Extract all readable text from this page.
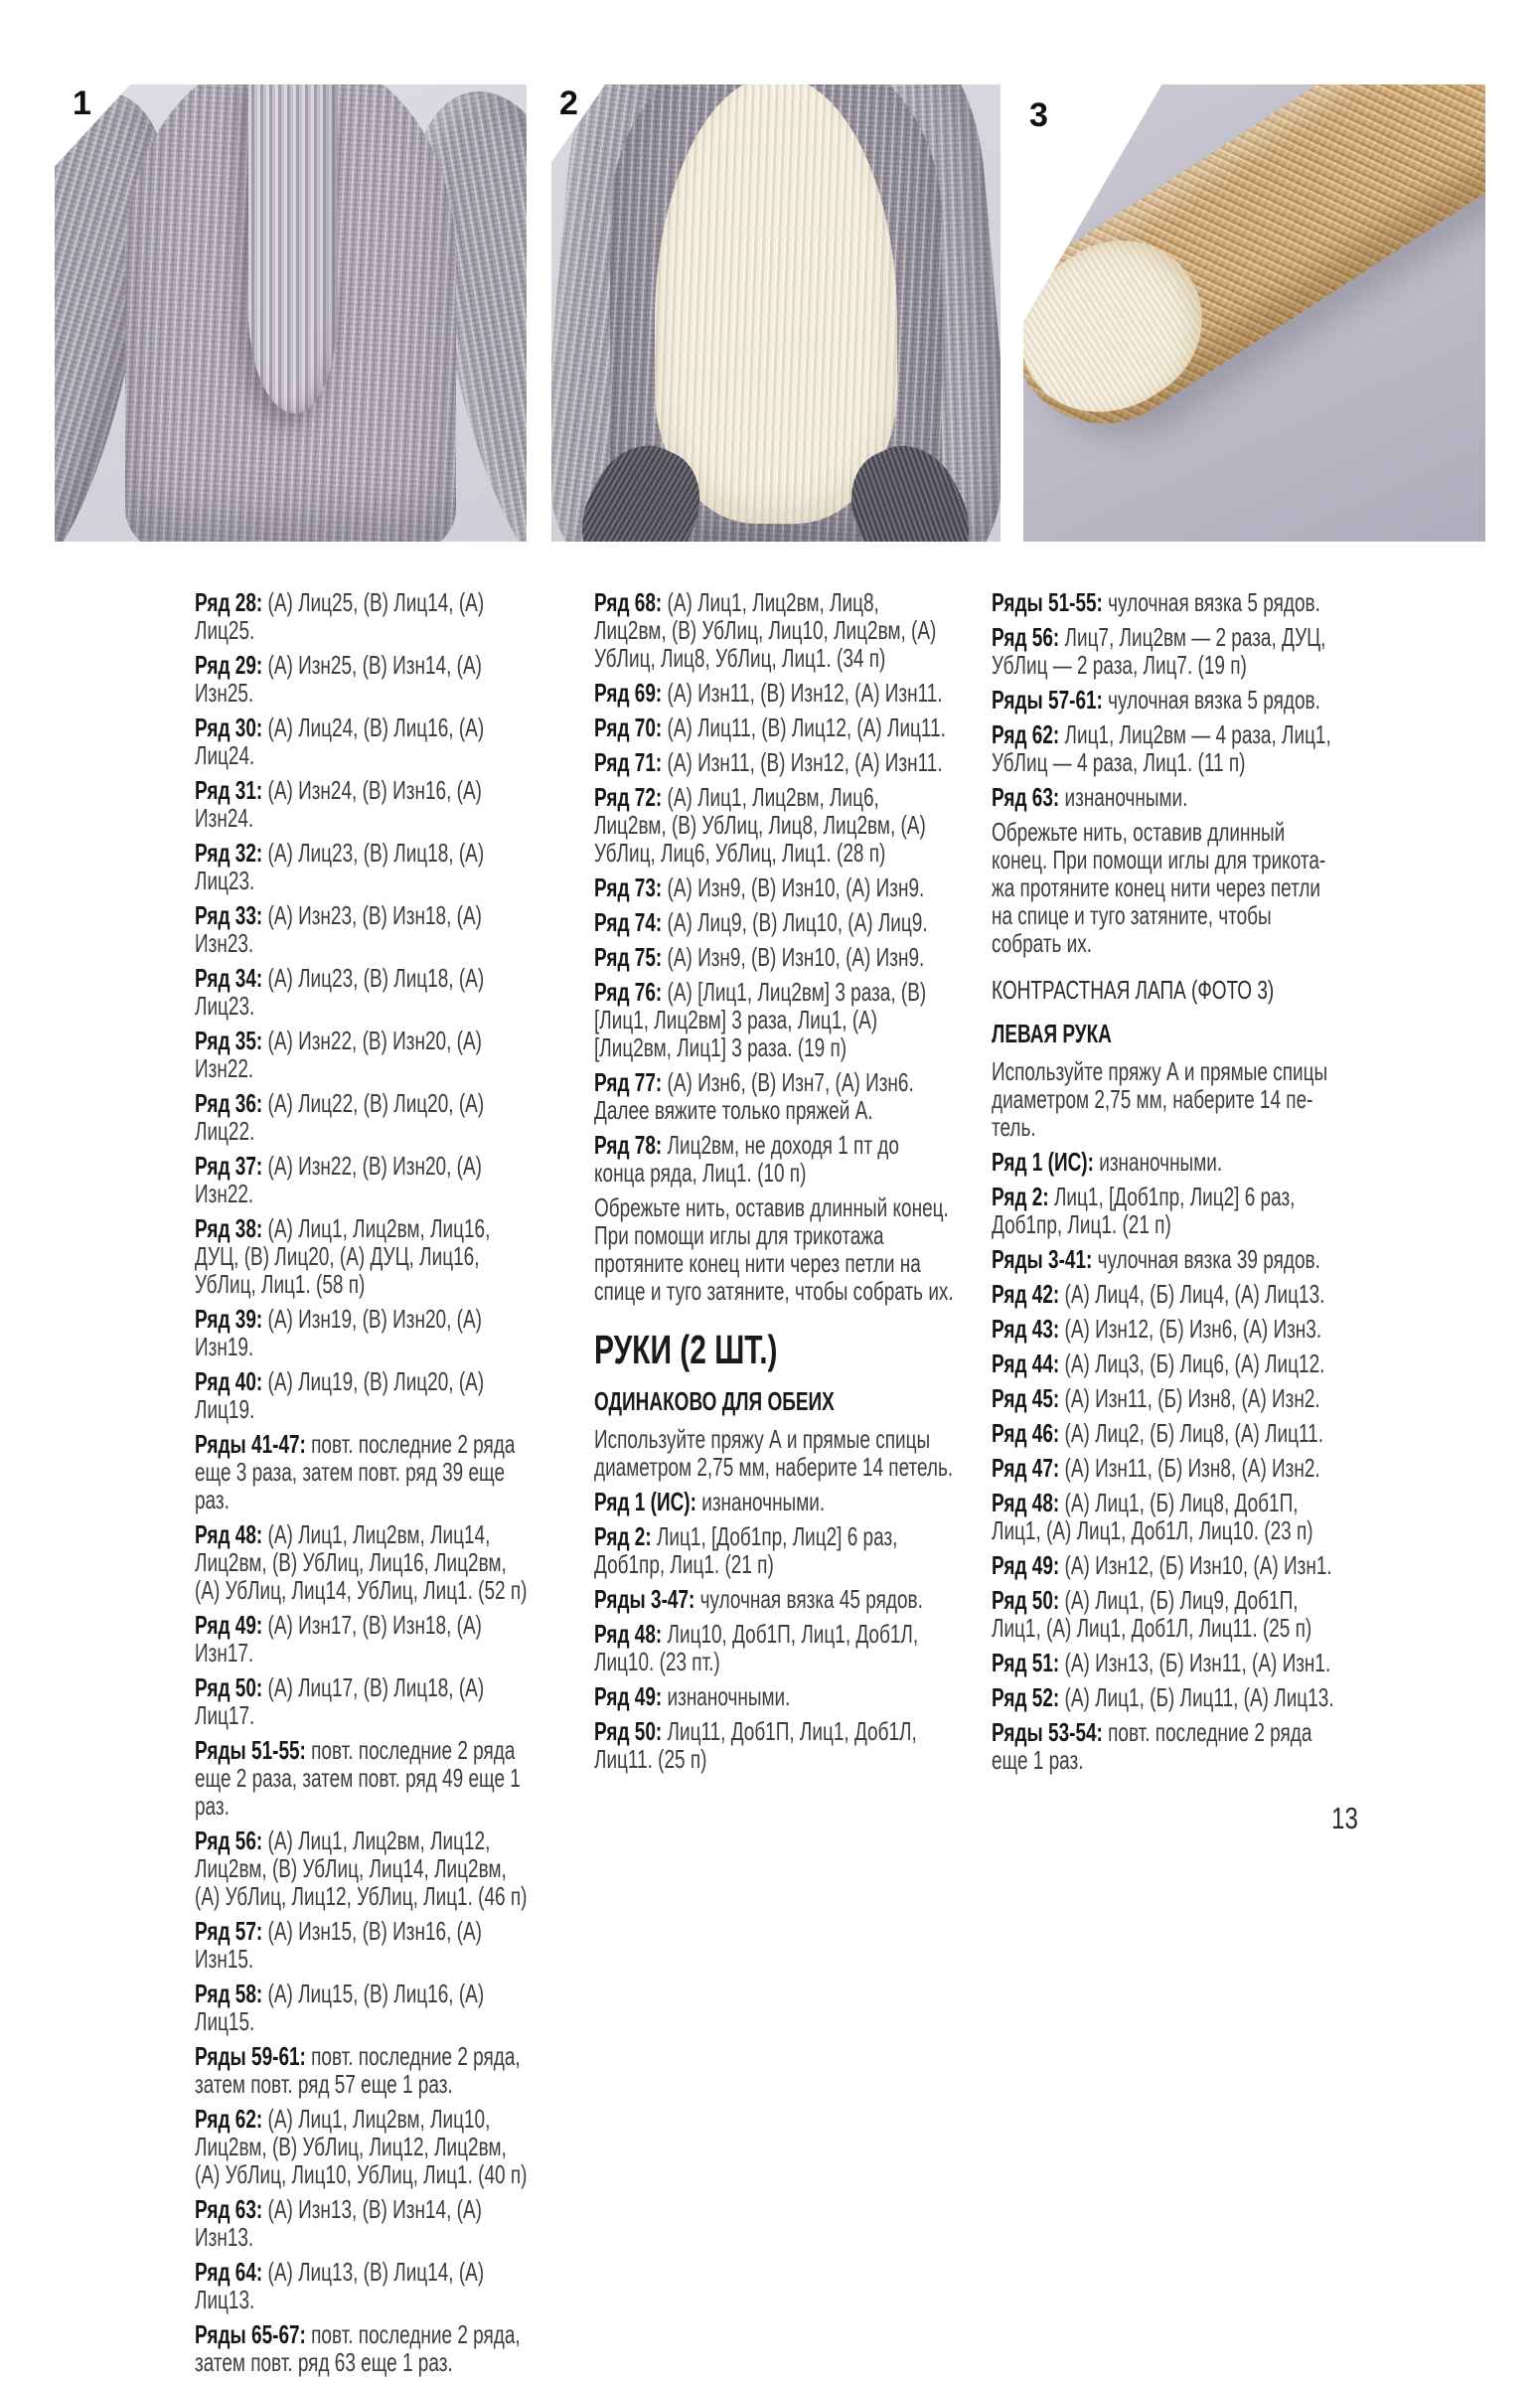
1	2	3

Ряд 28: (А) Лиц25, (В) Лиц14, (А) Лиц25.

Ряд 29: (А) Изн25, (В) Изн14, (А) Изн25.

Ряд 30: (А) Лиц24, (В) Лиц16, (А) Лиц24.

Ряд 31: (А) Изн24, (В) Изн16, (А) Изн24.

Ряд 32: (А) Лиц23, (В) Лиц18, (А) Лиц23.

Ряд 33: (А) Изн23, (В) Изн18, (А) Изн23.

Ряд 34: (А) Лиц23, (В) Лиц18, (А) Лиц23.

Ряд 35: (А) Изн22, (В) Изн20, (А) Изн22.

Ряд 36: (А) Лиц22, (В) Лиц20, (А) Лиц22.

Ряд 37: (А) Изн22, (В) Изн20, (А) Изн22.

Ряд 38: (А) Лиц1, Лиц2вм, Лиц16, ДУЦ, (В) Лиц20, (А) ДУЦ, Лиц16, УбЛиц, Лиц1. (58 п)

Ряд 39: (А) Изн19, (В) Изн20, (А) Изн19.

Ряд 40: (А) Лиц19, (В) Лиц20, (А) Лиц19.

Ряды 41-47: повт. последние 2 ряда еще 3 раза, затем повт. ряд 39 еще раз.

Ряд 48: (А) Лиц1, Лиц2вм, Лиц14, Лиц2вм, (В) УбЛиц, Лиц16, Лиц2вм, (А) УбЛиц, Лиц14, УбЛиц, Лиц1. (52 п)

Ряд 49: (А) Изн17, (В) Изн18, (А) Изн17.

Ряд 50: (А) Лиц17, (В) Лиц18, (А) Лиц17.

Ряды 51-55: повт. последние 2 ряда еще 2 раза, затем повт. ряд 49 еще 1 раз.

Ряд 56: (А) Лиц1, Лиц2вм, Лиц12, Лиц2вм, (В) УбЛиц, Лиц14, Лиц2вм, (А) УбЛиц, Лиц12, УбЛиц, Лиц1. (46 п)

Ряд 57: (А) Изн15, (В) Изн16, (А) Изн15.

Ряд 58: (А) Лиц15, (В) Лиц16, (А) Лиц15.

Ряды 59-61: повт. последние 2 ряда, затем повт. ряд 57 еще 1 раз.

Ряд 62: (А) Лиц1, Лиц2вм, Лиц10, Лиц2вм, (В) УбЛиц, Лиц12, Лиц2вм, (А) УбЛиц, Лиц10, УбЛиц, Лиц1. (40 п)

Ряд 63: (А) Изн13, (В) Изн14, (А) Изн13.

Ряд 64: (А) Лиц13, (В) Лиц14, (А) Лиц13.

Ряды 65-67: повт. последние 2 ряда, затем повт. ряд 63 еще 1 раз.

Ряд 68: (А) Лиц1, Лиц2вм, Лиц8, Лиц2вм, (В) УбЛиц, Лиц10, Лиц2вм, (А) УбЛиц, Лиц8, УбЛиц, Лиц1. (34 п)

Ряд 69: (А) Изн11, (В) Изн12, (А) Изн11.

Ряд 70: (А) Лиц11, (В) Лиц12, (А) Лиц11.

Ряд 71: (А) Изн11, (В) Изн12, (А) Изн11.

Ряд 72: (А) Лиц1, Лиц2вм, Лиц6, Лиц2вм, (В) УбЛиц, Лиц8, Лиц2вм, (А) УбЛиц, Лиц6, УбЛиц, Лиц1. (28 п)

Ряд 73: (А) Изн9, (В) Изн10, (А) Изн9.

Ряд 74: (А) Лиц9, (В) Лиц10, (А) Лиц9.

Ряд 75: (А) Изн9, (В) Изн10, (А) Изн9.

Ряд 76: (А) [Лиц1, Лиц2вм] 3 раза, (В) [Лиц1, Лиц2вм] 3 раза, Лиц1, (А) [Лиц2вм, Лиц1] 3 раза. (19 п)

Ряд 77: (А) Изн6, (В) Изн7, (А) Изн6. Далее вяжите только пряжей А.

Ряд 78: Лиц2вм, не доходя 1 пт до конца ряда, Лиц1. (10 п)

Обрежьте нить, оставив длинный конец. При помощи иглы для трикотажа протяните конец нити через петли на спице и туго затяните, чтобы собрать их.

РУКИ (2 ШТ.)
ОДИНАКОВО ДЛЯ ОБЕИХ

Используйте пряжу А и прямые спицы диаметром 2,75 мм, наберите 14 петель.

Ряд 1 (ИС): изнаночными.

Ряд 2: Лиц1, [Доб1пр, Лиц2] 6 раз, Доб1пр, Лиц1. (21 п)

Ряды 3-47: чулочная вязка 45 рядов.

Ряд 48: Лиц10, Доб1П, Лиц1, Доб1Л, Лиц10. (23 пт.)

Ряд 49: изнаночными.

Ряд 50: Лиц11, Доб1П, Лиц1, Доб1Л, Лиц11. (25 п)

Ряды 51-55: чулочная вязка 5 рядов.

Ряд 56: Лиц7, Лиц2вм — 2 раза, ДУЦ, УбЛиц — 2 раза, Лиц7. (19 п)

Ряды 57-61: чулочная вязка 5 рядов.

Ряд 62: Лиц1, Лиц2вм — 4 раза, Лиц1, УбЛиц — 4 раза, Лиц1. (11 п)

Ряд 63: изнаночными.

Обрежьте нить, оставив длинный конец. При помощи иглы для трикотажа протяните конец нити через петли на спице и туго затяните, чтобы собрать их.

КОНТРАСТНАЯ ЛАПА (ФОТО 3)
ЛЕВАЯ РУКА

Используйте пряжу А и прямые спицы диаметром 2,75 мм, наберите 14 петель.

Ряд 1 (ИС): изнаночными.

Ряд 2: Лиц1, [Доб1пр, Лиц2] 6 раз, Доб1пр, Лиц1. (21 п)

Ряды 3-41: чулочная вязка 39 рядов.

Ряд 42: (А) Лиц4, (Б) Лиц4, (А) Лиц13.

Ряд 43: (А) Изн12, (Б) Изн6, (А) Изн3.

Ряд 44: (А) Лиц3, (Б) Лиц6, (А) Лиц12.

Ряд 45: (А) Изн11, (Б) Изн8, (А) Изн2.

Ряд 46: (А) Лиц2, (Б) Лиц8, (А) Лиц11.

Ряд 47: (А) Изн11, (Б) Изн8, (А) Изн2.

Ряд 48: (А) Лиц1, (Б) Лиц8, Доб1П, Лиц1, (А) Лиц1, Доб1Л, Лиц10. (23 п)

Ряд 49: (А) Изн12, (Б) Изн10, (А) Изн1.

Ряд 50: (А) Лиц1, (Б) Лиц9, Доб1П, Лиц1, (А) Лиц1, Доб1Л, Лиц11. (25 п)

Ряд 51: (А) Изн13, (Б) Изн11, (А) Изн1.

Ряд 52: (А) Лиц1, (Б) Лиц11, (А) Лиц13.

Ряды 53-54: повт. последние 2 ряда еще 1 раз.

13
